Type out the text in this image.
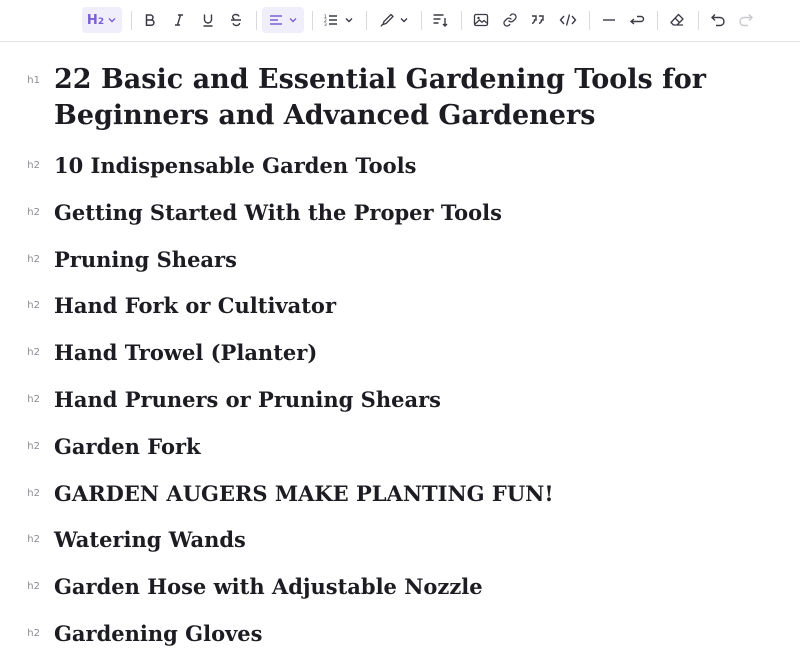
H2	1
2
3
h1 22 Basic and Essential Gardening Tools for Beginners and Advanced Gardeners
h2 10 Indispensable Garden Tools
h2 Getting Started With the Proper Tools
h2 Pruning Shears
h2 Hand Fork or Cultivator
h2 Hand Trowel (Planter)
h2 Hand Pruners or Pruning Shears
h2 Garden Fork
h2 GARDEN AUGERS MAKE PLANTING FUN!
h2 Watering Wands
h2 Garden Hose with Adjustable Nozzle
h2 Gardening Gloves
